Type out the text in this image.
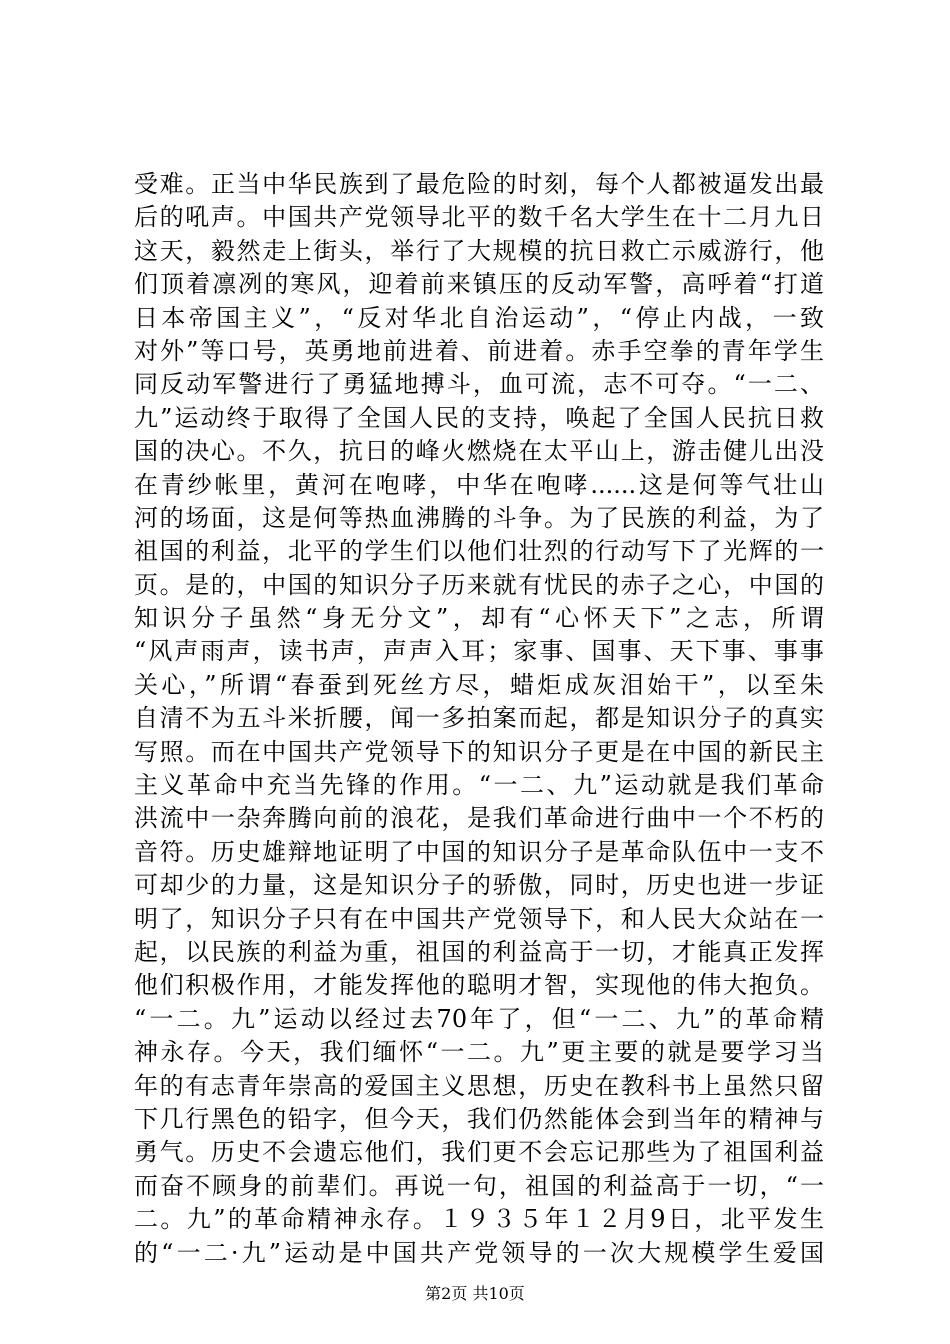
受难。正当中华民族到了最危险的时刻，每个人都被逼发出最
后的吼声。中国共产党领导北平的数千名大学生在十二月九日
这天，毅然走上街头，举行了大规模的抗日救亡示威游行，他
们顶着凛冽的寒风，迎着前来镇压的反动军警，高呼着“打道
日本帝国主义”，“反对华北自治运动”，“停止内战，一致
对外”等口号，英勇地前进着、前进着。赤手空拳的青年学生
同反动军警进行了勇猛地搏斗，血可流，志不可夺。“一二、
九”运动终于取得了全国人民的支持，唤起了全国人民抗日救
国的决心。不久，抗日的峰火燃烧在太平山上，游击健儿出没
在青纱帐里，黄河在咆哮，中华在咆哮......这是何等气壮山
河的场面，这是何等热血沸腾的斗争。为了民族的利益，为了
祖国的利益，北平的学生们以他们壮烈的行动写下了光辉的一
页。是的，中国的知识分子历来就有忧民的赤子之心，中国的
知识分子虽然“身无分文”，却有“心怀天下”之志，所谓
“风声雨声，读书声，声声入耳；家事、国事、天下事、事事
关心，”所谓“春蚕到死丝方尽，蜡炬成灰泪始干”，以至朱
自清不为五斗米折腰，闻一多拍案而起，都是知识分子的真实
写照。而在中国共产党领导下的知识分子更是在中国的新民主
主义革命中充当先锋的作用。“一二、九”运动就是我们革命
洪流中一杂奔腾向前的浪花，是我们革命进行曲中一个不朽的
音符。历史雄辩地证明了中国的知识分子是革命队伍中一支不
可却少的力量，这是知识分子的骄傲，同时，历史也进一步证
明了，知识分子只有在中国共产党领导下，和人民大众站在一
起，以民族的利益为重，祖国的利益高于一切，才能真正发挥
他们积极作用，才能发挥他的聪明才智，实现他的伟大抱负。
“一二。九”运动以经过去70年了，但“一二、九”的革命精
神永存。今天，我们缅怀“一二。九”更主要的就是要学习当
年的有志青年崇高的爱国主义思想，历史在教科书上虽然只留
下几行黑色的铅字，但今天，我们仍然能体会到当年的精神与
勇气。历史不会遗忘他们，我们更不会忘记那些为了祖国利益
而奋不顾身的前辈们。再说一句，祖国的利益高于一切，“一
二。九”的革命精神永存。１９３５年１２月9日，北平发生
的“一二·九”运动是中国共产党领导的一次大规模学生爱国
第2页 共10页
